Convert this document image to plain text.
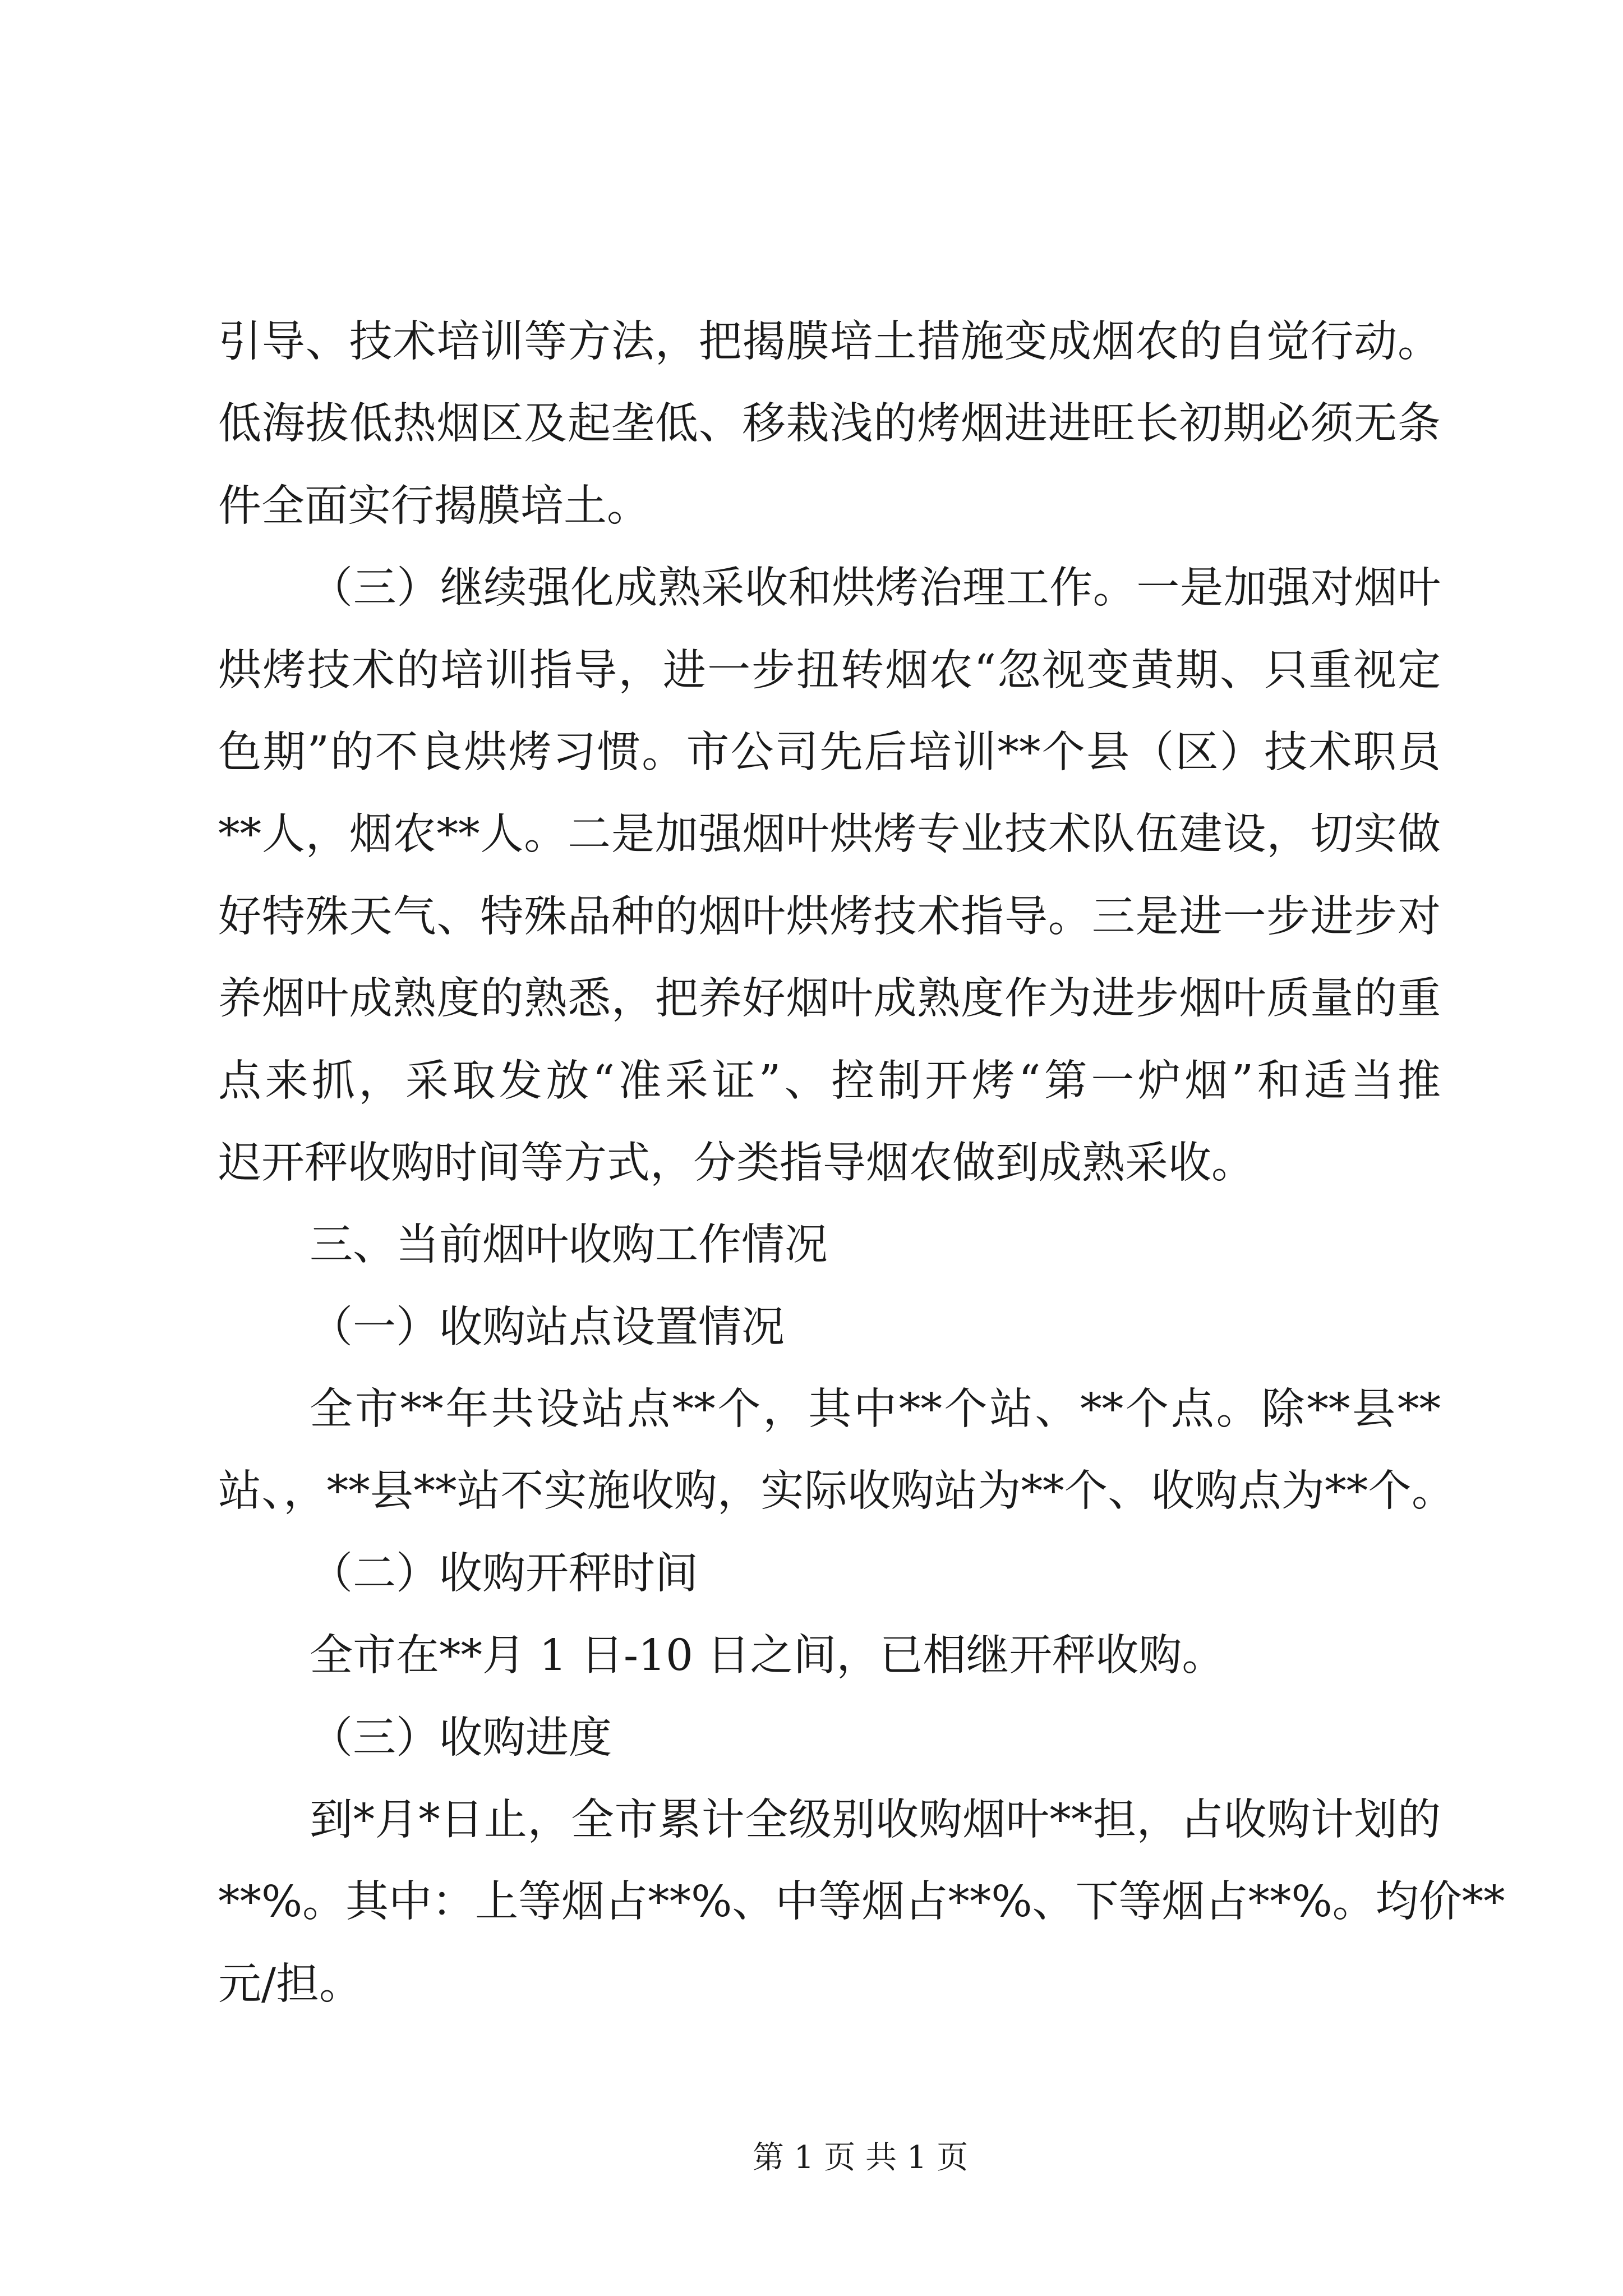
引导、技术培训等方法，把揭膜培土措施变成烟农的自觉行动。
低海拔低热烟区及起垄低、移栽浅的烤烟进进旺长初期必须无条
件全面实行揭膜培土。
（三）继续强化成熟采收和烘烤治理工作。一是加强对烟叶
烘烤技术的培训指导，进一步扭转烟农“忽视变黄期、只重视定
色期”的不良烘烤习惯。市公司先后培训**个县（区）技术职员
**人，烟农**人。二是加强烟叶烘烤专业技术队伍建设，切实做
好特殊天气、特殊品种的烟叶烘烤技术指导。三是进一步进步对
养烟叶成熟度的熟悉，把养好烟叶成熟度作为进步烟叶质量的重
点来抓，采取发放“准采证”、控制开烤“第一炉烟”和适当推
迟开秤收购时间等方式，分类指导烟农做到成熟采收。
三、当前烟叶收购工作情况
（一）收购站点设置情况
全市**年共设站点**个，其中**个站、**个点。除**县**
站、，**县**站不实施收购，实际收购站为**个、收购点为**个。
（二）收购开秤时间
全市在**月 1 日-10 日之间，已相继开秤收购。
（三）收购进度
到*月*日止，全市累计全级别收购烟叶**担，占收购计划的
**%。其中：上等烟占**%、中等烟占**%、下等烟占**%。均价**
元/担。
第 1 页 共 1 页
